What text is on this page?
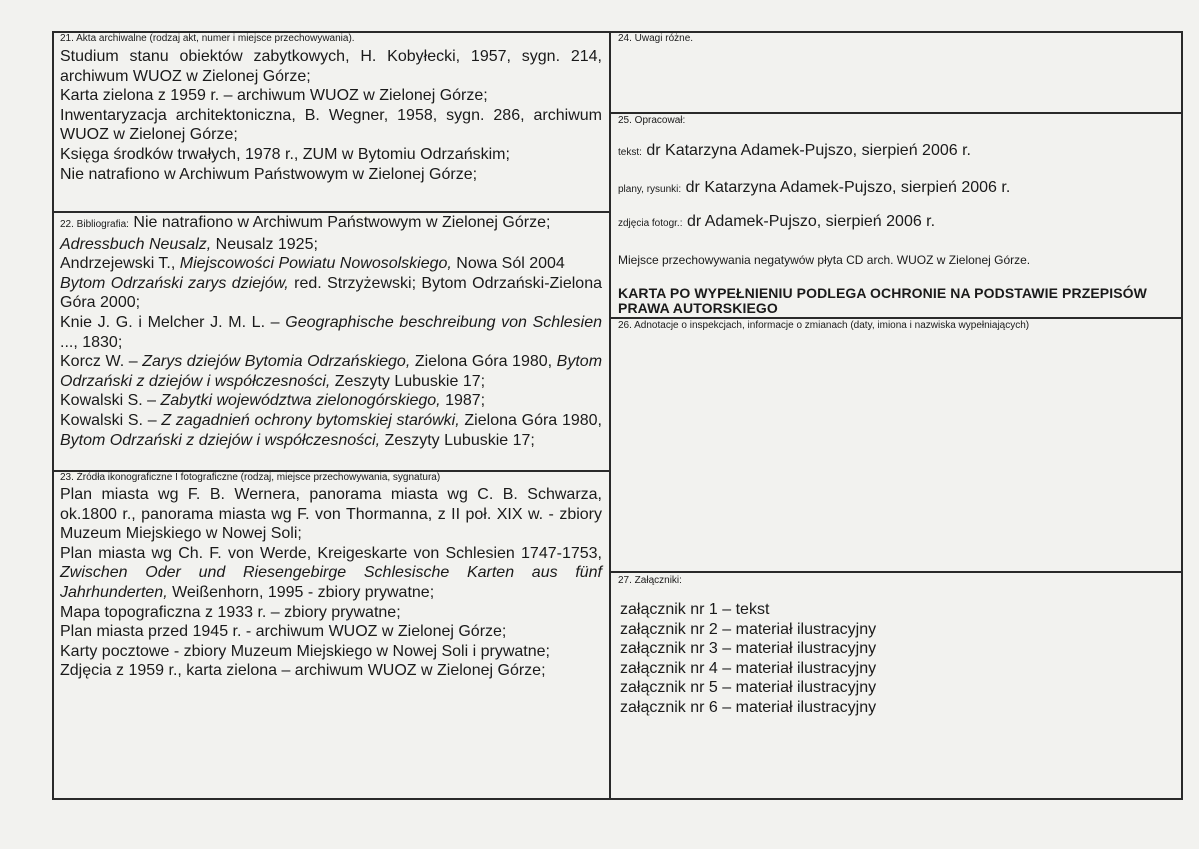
21. Akta archiwalne (rodzaj akt, numer i miejsce przechowywania).
Studium stanu obiektów zabytkowych, H. Kobyłecki, 1957, sygn. 214, archiwum WUOZ w Zielonej Górze;
Karta zielona z 1959 r. – archiwum WUOZ w Zielonej Górze;
Inwentaryzacja architektoniczna, B. Wegner, 1958, sygn. 286, archiwum WUOZ w Zielonej Górze;
Księga środków trwałych, 1978 r., ZUM w Bytomiu Odrzańskim;
Nie natrafiono w Archiwum Państwowym w Zielonej Górze;
22. Bibliografia: Nie natrafiono w Archiwum Państwowym w Zielonej Górze;
Adressbuch Neusalz, Neusalz 1925;
Andrzejewski T., Miejscowości Powiatu Nowosolskiego, Nowa Sól 2004
Bytom Odrzański zarys dziejów, red. Strzyżewski; Bytom Odrzański-Zielona Góra 2000;
Knie J. G. i Melcher J. M. L. – Geographische beschreibung von Schlesien ..., 1830;
Korcz W. – Zarys dziejów Bytomia Odrzańskiego, Zielona Góra 1980, Bytom Odrzański z dziejów i współczesności, Zeszyty Lubuskie 17;
Kowalski S. – Zabytki województwa zielonogórskiego, 1987;
Kowalski S. – Z zagadnień ochrony bytomskiej starówki, Zielona Góra 1980, Bytom Odrzański z dziejów i współczesności, Zeszyty Lubuskie 17;
23. Źródła ikonograficzne I fotograficzne (rodzaj, miejsce przechowywania, sygnatura)
Plan miasta wg F. B. Wernera, panorama miasta wg C. B. Schwarza, ok.1800 r., panorama miasta wg F. von Thormanna, z II poł. XIX w. - zbiory Muzeum Miejskiego w Nowej Soli;
Plan miasta wg Ch. F. von Werde, Kreigeskarte von Schlesien 1747-1753, Zwischen Oder und Riesengebirge Schlesische Karten aus fünf Jahrhunderten, Weißenhorn, 1995 - zbiory prywatne;
Mapa topograficzna z 1933 r. – zbiory prywatne;
Plan miasta przed 1945 r. - archiwum WUOZ w Zielonej Górze;
Karty pocztowe - zbiory Muzeum Miejskiego w Nowej Soli i prywatne;
Zdjęcia z 1959 r., karta zielona – archiwum WUOZ w Zielonej Górze;
24. Uwagi różne.
25. Opracował:
tekst: dr Katarzyna Adamek-Pujszo, sierpień 2006 r.
plany, rysunki: dr Katarzyna Adamek-Pujszo, sierpień 2006 r.
zdjęcia fotogr.: dr Adamek-Pujszo, sierpień 2006 r.
Miejsce przechowywania negatywów płyta CD arch. WUOZ w Zielonej Górze.
KARTA PO WYPEŁNIENIU PODLEGA OCHRONIE NA PODSTAWIE PRZEPISÓW
PRAWA AUTORSKIEGO
26. Adnotacje o inspekcjach, informacje o zmianach (daty, imiona i nazwiska wypełniających)
27. Załączniki:
załącznik nr 1 – tekst
załącznik nr 2 – materiał ilustracyjny
załącznik nr 3 – materiał ilustracyjny
załącznik nr 4 – materiał ilustracyjny
załącznik nr 5 – materiał ilustracyjny
załącznik nr 6 – materiał ilustracyjny
